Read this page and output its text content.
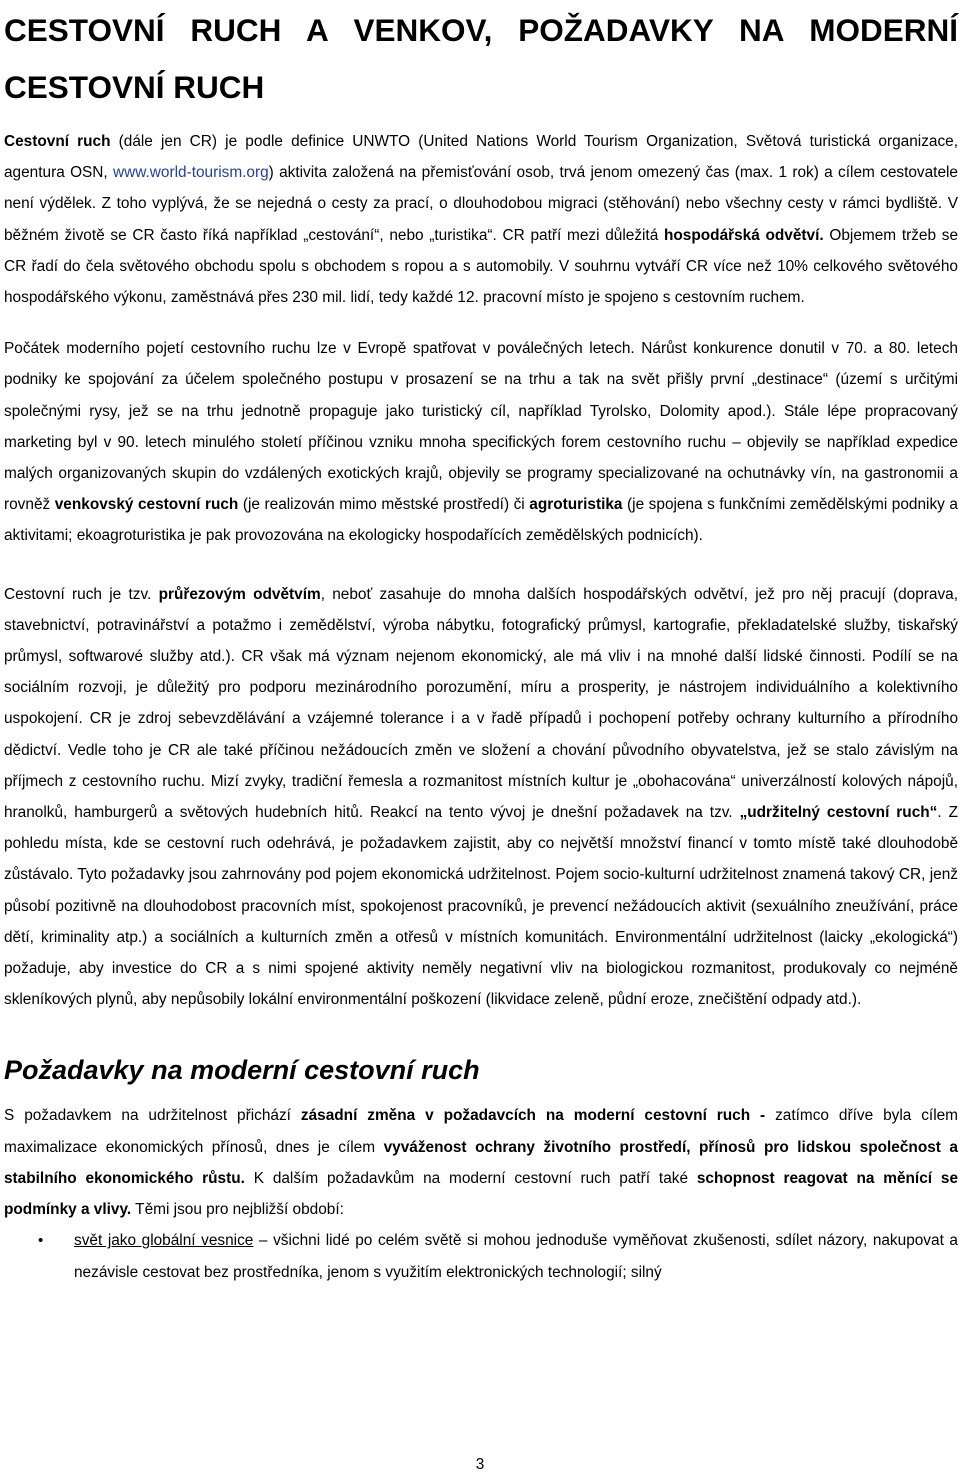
CESTOVNÍ RUCH A VENKOV, POŽADAVKY NA MODERNÍ CESTOVNÍ RUCH

Cestovní ruch (dále jen CR) je podle definice UNWTO (United Nations World Tourism Organization, Světová turistická organizace, agentura OSN, www.world-tourism.org) aktivita založená na přemisťování osob, trvá jenom omezený čas (max. 1 rok) a cílem cestovatele není výdělek. Z toho vyplývá, že se nejedná o cesty za prací, o dlouhodobou migraci (stěhování) nebo všechny cesty v rámci bydliště. V běžném životě se CR často říká například „cestování“, nebo „turistika“. CR patří mezi důležitá hospodářská odvětví. Objemem tržeb se CR řadí do čela světového obchodu spolu s obchodem s ropou a s automobily. V souhrnu vytváří CR více než 10% celkového světového hospodářského výkonu, zaměstnává přes 230 mil. lidí, tedy každé 12. pracovní místo je spojeno s cestovním ruchem.

Počátek moderního pojetí cestovního ruchu lze v Evropě spatřovat v poválečných letech. Nárůst konkurence donutil v 70. a 80. letech podniky ke spojování za účelem společného postupu v prosazení se na trhu a tak na svět přišly první „destinace“ (území s určitými společnými rysy, jež se na trhu jednotně propaguje jako turistický cíl, například Tyrolsko, Dolomity apod.). Stále lépe propracovaný marketing byl v 90. letech minulého století příčinou vzniku mnoha specifických forem cestovního ruchu – objevily se například expedice malých organizovaných skupin do vzdálených exotických krajů, objevily se programy specializované na ochutnávky vín, na gastronomii a rovněž venkovský cestovní ruch (je realizován mimo městské prostředí) či agroturistika (je spojena s funkčními zemědělskými podniky a aktivitami; ekoagroturistika je pak provozována na ekologicky hospodařících zemědělských podnicích).

Cestovní ruch je tzv. průřezovým odvětvím, neboť zasahuje do mnoha dalších hospodářských odvětví, jež pro něj pracují (doprava, stavebnictví, potravinářství a potažmo i zemědělství, výroba nábytku, fotografický průmysl, kartografie, překladatelské služby, tiskařský průmysl, softwarové služby atd.). CR však má význam nejenom ekonomický, ale má vliv i na mnohé další lidské činnosti. Podílí se na sociálním rozvoji, je důležitý pro podporu mezinárodního porozumění, míru a prosperity, je nástrojem individuálního a kolektivního uspokojení. CR je zdroj sebevzdělávání a vzájemné tolerance i a v řadě případů i pochopení potřeby ochrany kulturního a přírodního dědictví. Vedle toho je CR ale také příčinou nežádoucích změn ve složení a chování původního obyvatelstva, jež se stalo závislým na příjmech z cestovního ruchu. Mizí zvyky, tradiční řemesla a rozmanitost místních kultur je „obohacována“ univerzálností kolových nápojů, hranolků, hamburgerů a světových hudebních hitů. Reakcí na tento vývoj je dnešní požadavek na tzv. „udržitelný cestovní ruch“. Z pohledu místa, kde se cestovní ruch odehrává, je požadavkem zajistit, aby co největší množství financí v tomto místě také dlouhodobě zůstávalo. Tyto požadavky jsou zahrnovány pod pojem ekonomická udržitelnost. Pojem socio-kulturní udržitelnost znamená takový CR, jenž působí pozitivně na dlouhodobost pracovních míst, spokojenost pracovníků, je prevencí nežádoucích aktivit (sexuálního zneužívání, práce dětí, kriminality atp.) a sociálních a kulturních změn a otřesů v místních komunitách. Environmentální udržitelnost (laicky „ekologická“) požaduje, aby investice do CR a s nimi spojené aktivity neměly negativní vliv na biologickou rozmanitost, produkovaly co nejméně skleníkových plynů, aby nepůsobily lokální environmentální poškození (likvidace zeleně, půdní eroze, znečištění odpady atd.).

Požadavky na moderní cestovní ruch

S požadavkem na udržitelnost přichází zásadní změna v požadavcích na moderní cestovní ruch - zatímco dříve byla cílem maximalizace ekonomických přínosů, dnes je cílem vyváženost ochrany životního prostředí, přínosů pro lidskou společnost a stabilního ekonomického růstu. K dalším požadavkům na moderní cestovní ruch patří také schopnost reagovat na měnící se podmínky a vlivy. Těmi jsou pro nejbližší období:

• svět jako globální vesnice – všichni lidé po celém světě si mohou jednoduše vyměňovat zkušenosti, sdílet názory, nakupovat a nezávisle cestovat bez prostředníka, jenom s využitím elektronických technologií; silný
3
